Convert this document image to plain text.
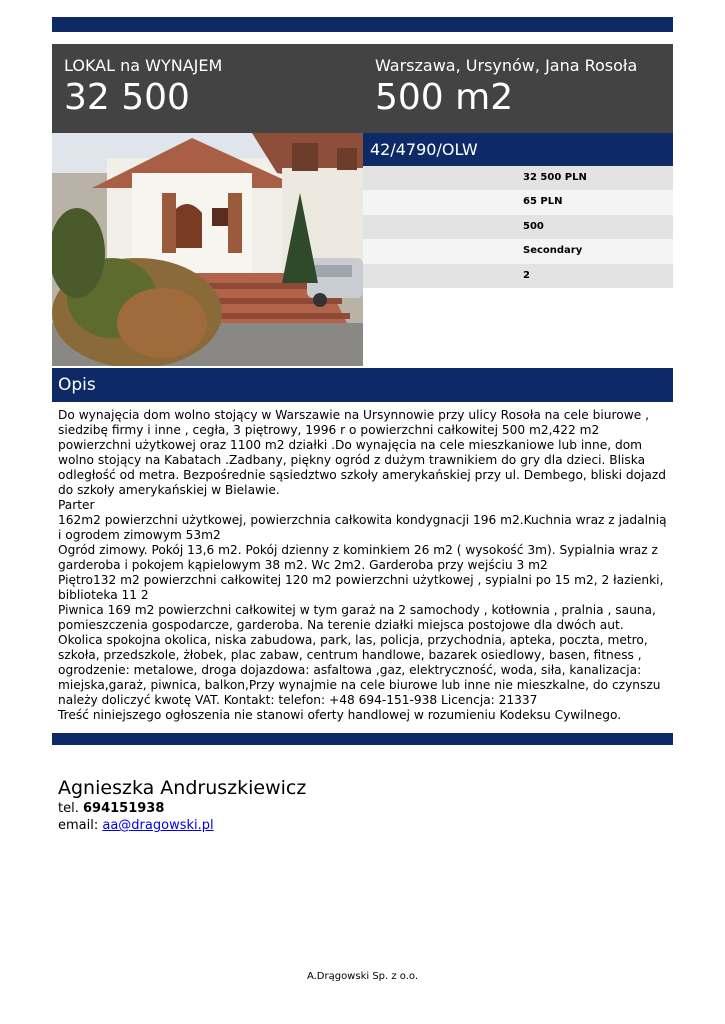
LOKAL na WYNAJEM
32 500
Warszawa, Ursynów, Jana Rosoła
500 m2
42/4790/OLW
32 500 PLN
65 PLN
500
Secondary
2
Opis

Do wynajęcia dom wolno stojący w Warszawie na Ursynnowie przy ulicy Rosoła na cele biurowe , siedzibę firmy i inne , cegła, 3 piętrowy, 1996 r o powierzchni całkowitej 500 m2,422 m2 powierzchni użytkowej oraz 1100 m2 działki .Do wynajęcia na cele mieszkaniowe lub inne, dom wolno stojący na Kabatach .Zadbany, piękny ogród z dużym trawnikiem do gry dla dzieci. Bliska odległość od metra. Bezpośrednie sąsiedztwo szkoły amerykańskiej przy ul. Dembego, bliski dojazd do szkoły amerykańskiej w Bielawie.

Parter

162m2 powierzchni użytkowej, powierzchnia całkowita kondygnacji 196 m2.Kuchnia wraz z jadalnią i ogrodem zimowym 53m2

Ogród zimowy. Pokój 13,6 m2. Pokój dzienny z kominkiem 26 m2 ( wysokość 3m). Sypialnia wraz z garderoba i pokojem kąpielowym 38 m2. Wc 2m2. Garderoba przy wejściu 3 m2

Piętro132 m2 powierzchni całkowitej 120 m2 powierzchni użytkowej , sypialni po 15 m2, 2 łazienki, biblioteka 11 2

Piwnica 169 m2 powierzchni całkowitej w tym garaż na 2 samochody , kotłownia , pralnia , sauna, pomieszczenia gospodarcze, garderoba. Na terenie działki miejsca postojowe dla dwóch aut.

Okolica spokojna okolica, niska zabudowa, park, las, policja, przychodnia, apteka, poczta, metro, szkoła, przedszkole, żłobek, plac zabaw, centrum handlowe, bazarek osiedlowy, basen, fitness , ogrodzenie: metalowe, droga dojazdowa: asfaltowa ,gaz, elektryczność, woda, siła, kanalizacja: miejska,garaż, piwnica, balkon,Przy wynajmie na cele biurowe lub inne nie mieszkalne, do czynszu należy doliczyć kwotę VAT. Kontakt: telefon: +48 694-151-938 Licencja: 21337

Treść niniejszego ogłoszenia nie stanowi oferty handlowej w rozumieniu Kodeksu Cywilnego.

Agnieszka Andruszkiewicz
tel. 694151938
email: aa@dragowski.pl
A.Drągowski Sp. z o.o.
